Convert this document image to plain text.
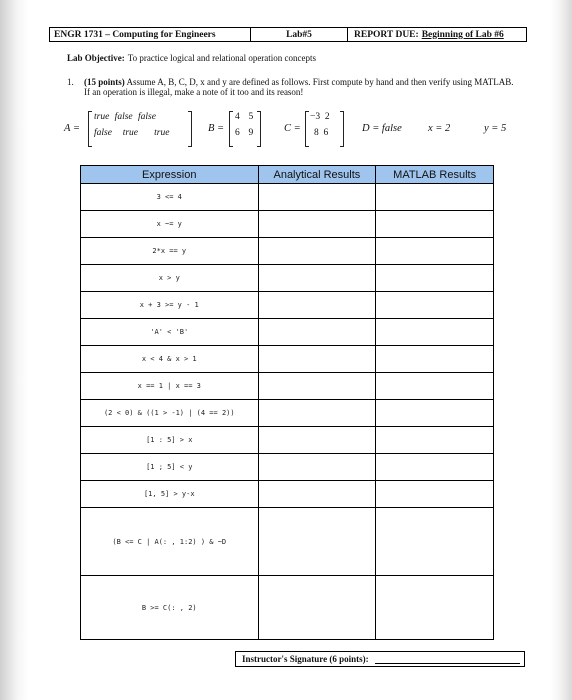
ENGR 1731 – Computing for Engineers	Lab#5	REPORT DUE: Beginning of Lab #6
Lab Objective: To practice logical and relational operation concepts
1. (15 points) Assume A, B, C, D, x and y are defined as follows. First compute by hand and then verify using MATLAB. If an operation is illegal, make a note of it too and its reason!
A =
true false false
false  true   true	B =
4  5
6  9	C =
−3  2
8  6	D = false	x = 2	y = 5
Expression	Analytical Results	MATLAB Results
3 <= 4		
x ~= y		
2*x == y		
x > y		
x + 3 >= y - 1		
'A' < 'B'		
x < 4 & x > 1		
x == 1 | x == 3		
(2 < 0) & ((1 > -1) | (4 == 2))		
[1 : 5] > x		
[1 ; 5] < y		
[1, 5] > y-x		
(B <= C | A(: , 1:2) ) & ~D		
B >= C(: , 2)		
Instructor's Signature (6 points):
